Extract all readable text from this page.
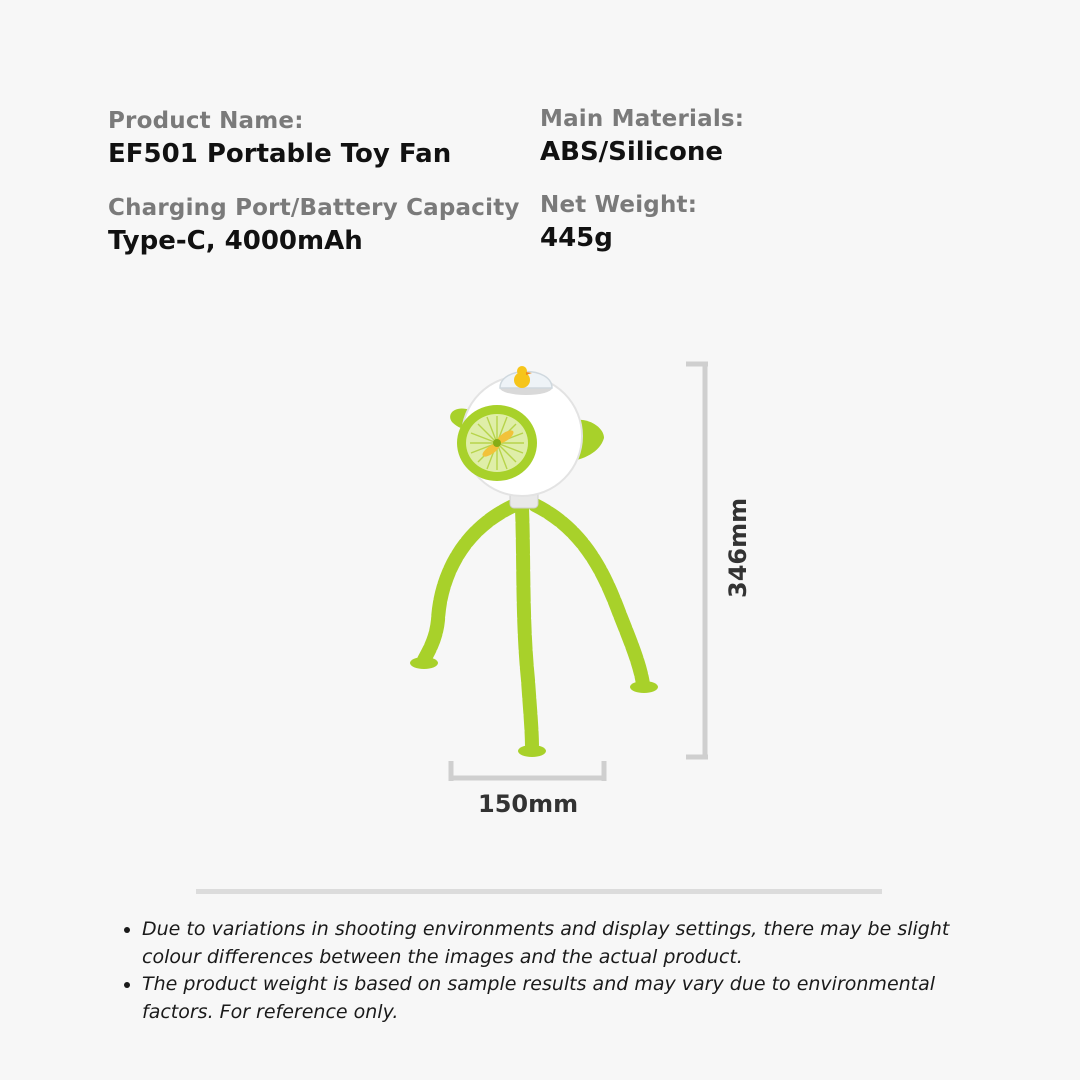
Product Name:
EF501 Portable Toy Fan
Main Materials:
ABS/Silicone
Charging Port/Battery Capacity
Type-C, 4000mAh
Net Weight:
445g
346mm
150mm
• Due to variations in shooting environments and display settings, there may be slight colour differences between the images and the actual product.
• The product weight is based on sample results and may vary due to environmental factors. For reference only.
